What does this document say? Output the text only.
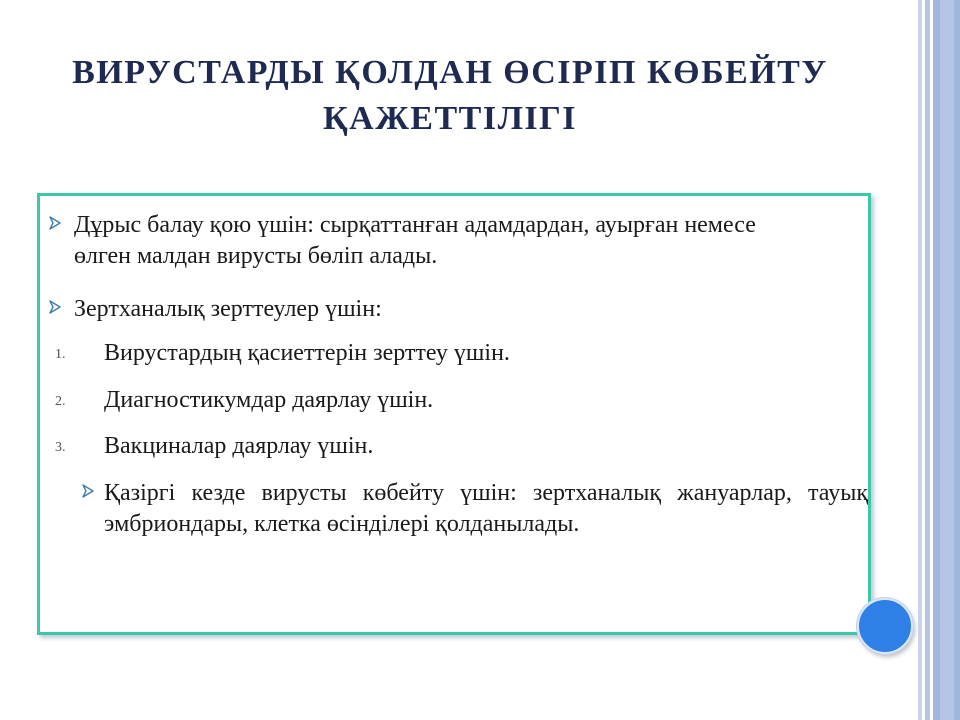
ВИРУСТАРДЫ ҚОЛДАН ӨСІРІП КӨБЕЙТУ ҚАЖЕТТІЛІГІ

Дұрыс балау қою үшін: сырқаттанған адамдардан, ауырған немесе өлген малдан вирусты бөліп алады.

Зертханалық зерттеулер үшін:

1. Вирустардың қасиеттерін зерттеу үшін.

2. Диагностикумдар даярлау үшін.

3. Вакциналар даярлау үшін.

Қазіргі кезде вирусты көбейту үшін: зертханалық жануарлар, тауық эмбриондары, клетка өсінділері қолданылады.
